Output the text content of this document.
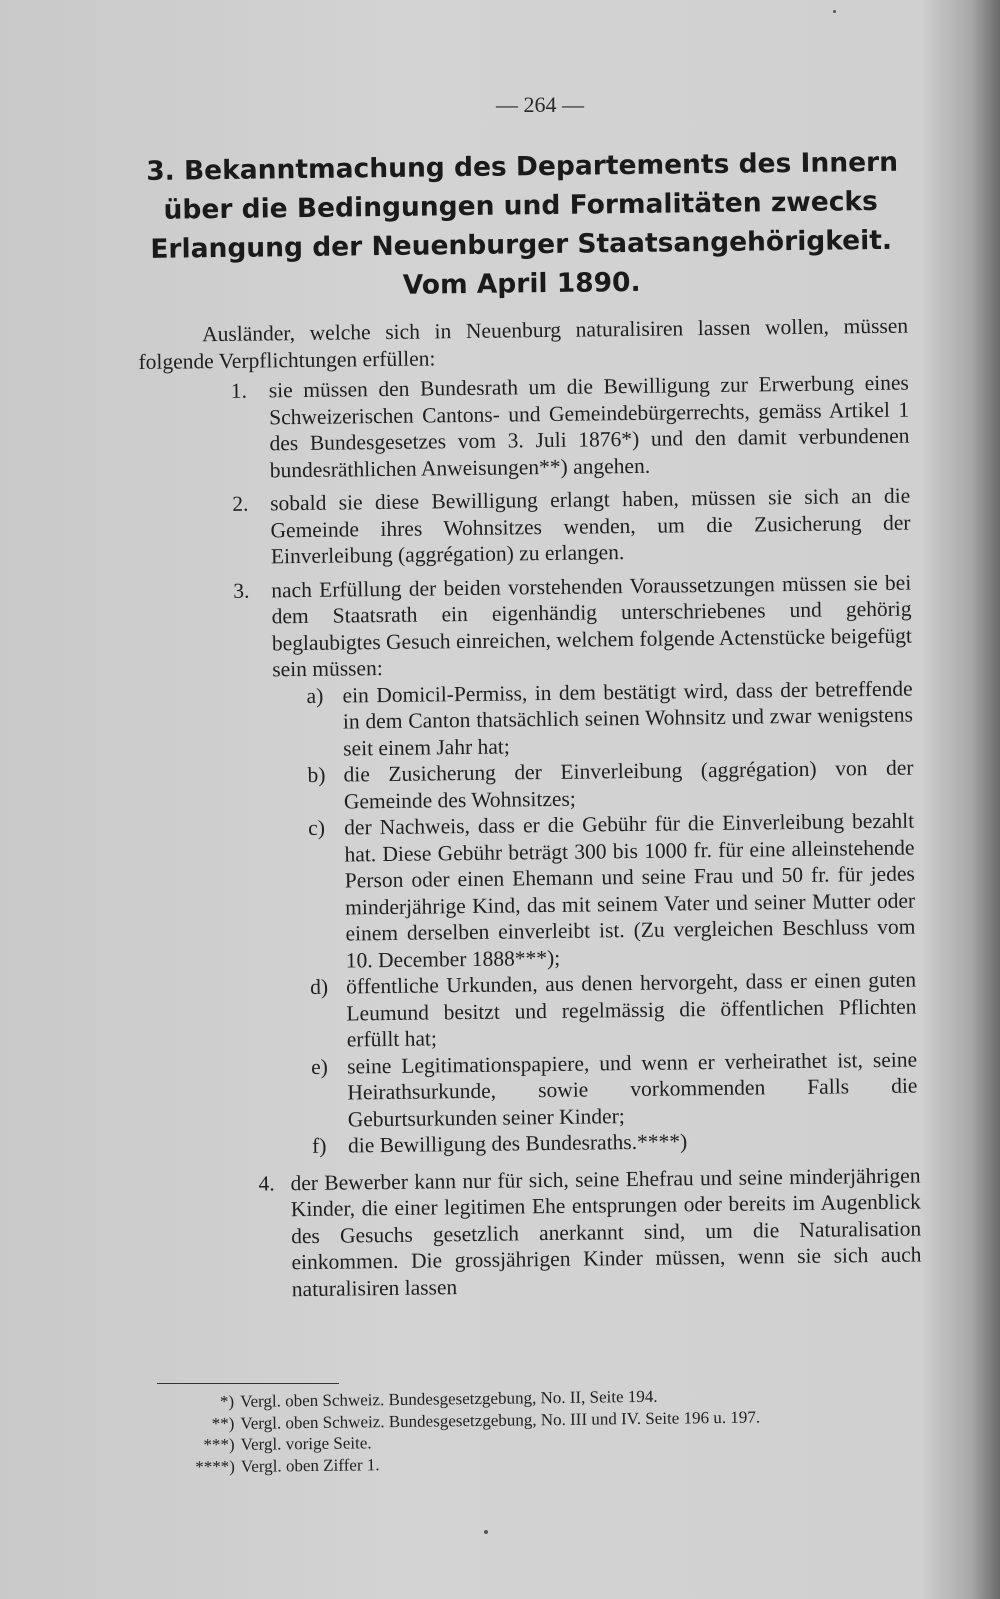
— 264 —
3. Bekanntmachung des Departements des Innern
über die Bedingungen und Formalitäten zwecks
Erlangung der Neuenburger Staatsangehörigkeit.
Vom April 1890.

Ausländer, welche sich in Neuenburg naturalisiren lassen wollen, müssen folgende Verpflichtungen erfüllen:

1. sie müssen den Bundesrath um die Bewilligung zur Erwerbung eines Schweizerischen Cantons- und Gemeindebürgerrechts, gemäss Artikel 1 des Bundesgesetzes vom 3. Juli 1876*) und den damit verbundenen bundesräthlichen Anweisungen**) angehen.
2. sobald sie diese Bewilligung erlangt haben, müssen sie sich an die Gemeinde ihres Wohnsitzes wenden, um die Zusicherung der Einverleibung (aggrégation) zu erlangen.
3. nach Erfüllung der beiden vorstehenden Voraussetzungen müssen sie bei dem Staatsrath ein eigenhändig unterschriebenes und gehörig beglaubigtes Gesuch einreichen, welchem folgende Actenstücke beigefügt sein müssen:
a) ein Domicil-Permiss, in dem bestätigt wird, dass der betreffende in dem Canton thatsächlich seinen Wohnsitz und zwar wenigstens seit einem Jahr hat;
b) die Zusicherung der Einverleibung (aggrégation) von der Gemeinde des Wohnsitzes;
c) der Nachweis, dass er die Gebühr für die Einverleibung bezahlt hat. Diese Gebühr beträgt 300 bis 1000 fr. für eine alleinstehende Person oder einen Ehemann und seine Frau und 50 fr. für jedes minderjährige Kind, das mit seinem Vater und seiner Mutter oder einem derselben einverleibt ist. (Zu vergleichen Beschluss vom 10. December 1888***);
d) öffentliche Urkunden, aus denen hervorgeht, dass er einen guten Leumund besitzt und regelmässig die öffentlichen Pflichten erfüllt hat;
e) seine Legitimationspapiere, und wenn er verheirathet ist, seine Heirathsurkunde, sowie vorkommenden Falls die Geburtsurkunden seiner Kinder;
f) die Bewilligung des Bundesraths.****)
4. der Bewerber kann nur für sich, seine Ehefrau und seine minderjährigen Kinder, die einer legitimen Ehe entsprungen oder bereits im Augenblick des Gesuchs gesetzlich anerkannt sind, um die Naturalisation einkommen. Die grossjährigen Kinder müssen, wenn sie sich auch naturalisiren lassen
*) Vergl. oben Schweiz. Bundesgesetzgebung, No. II, Seite 194.
**) Vergl. oben Schweiz. Bundesgesetzgebung, No. III und IV. Seite 196 u. 197.
***) Vergl. vorige Seite.
****) Vergl. oben Ziffer 1.
